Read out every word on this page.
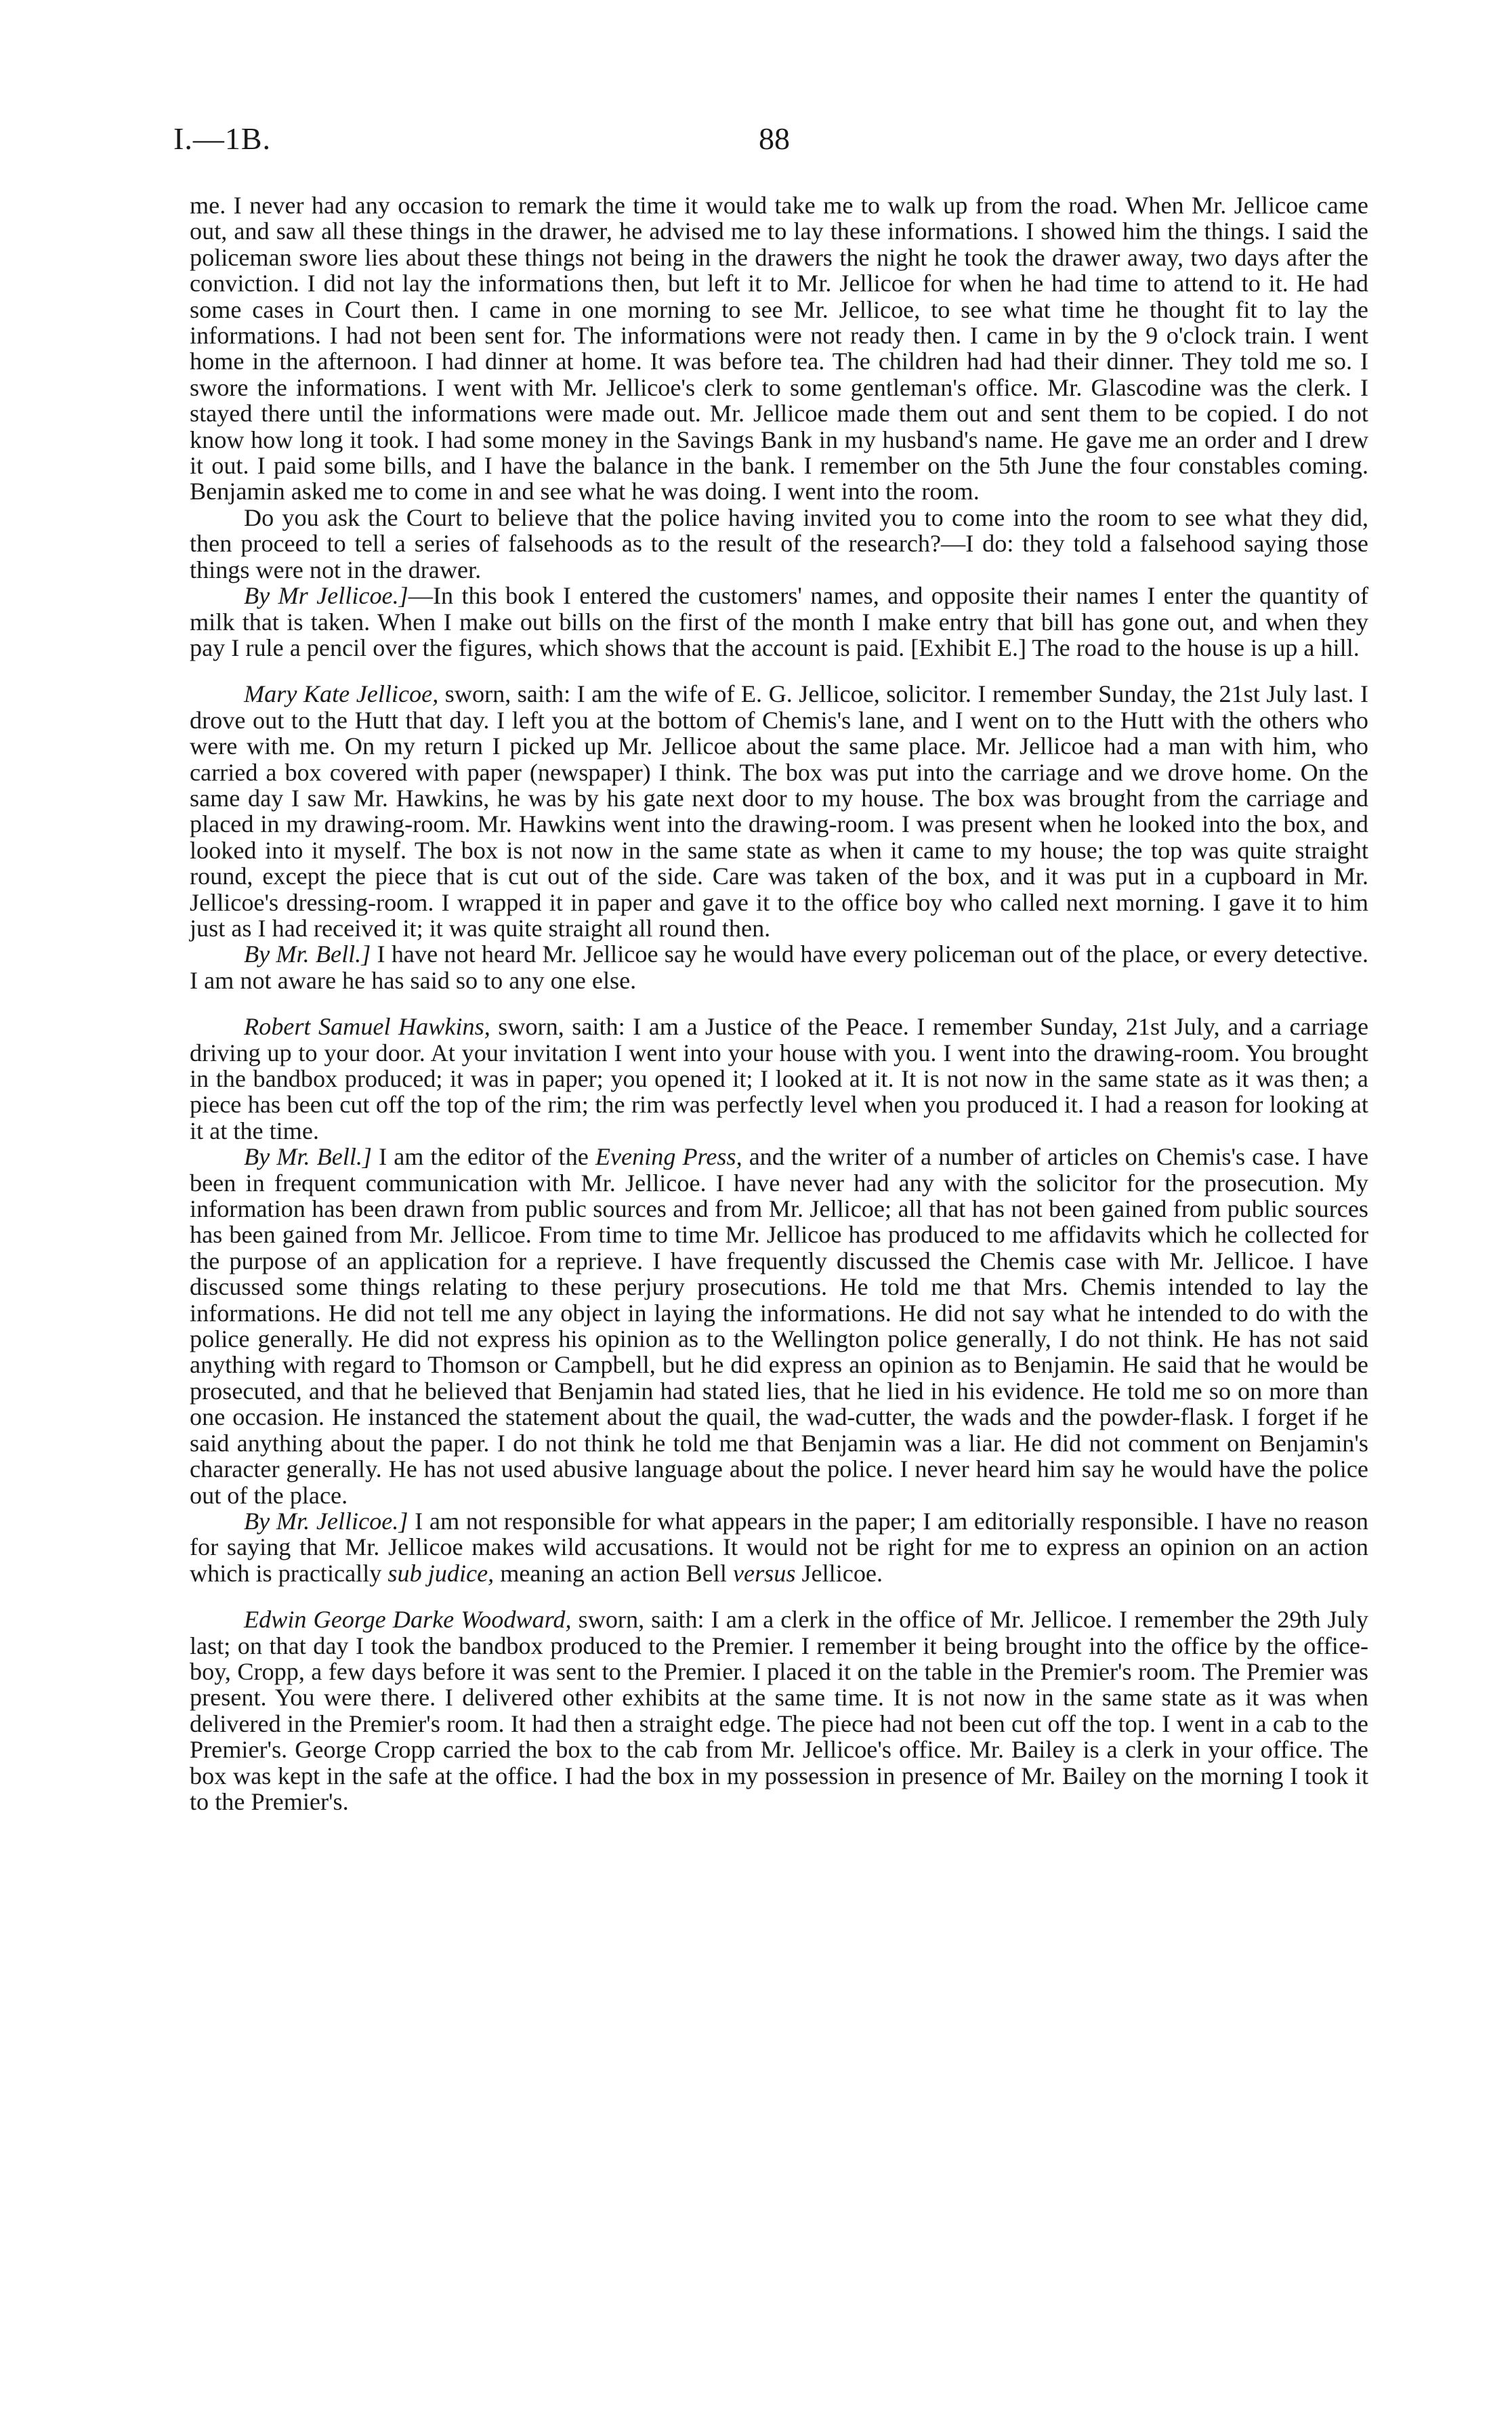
I.—1B.	88

me. I never had any occasion to remark the time it would take me to walk up from the road. When Mr. Jellicoe came out, and saw all these things in the drawer, he advised me to lay these informations. I showed him the things. I said the policeman swore lies about these things not being in the drawers the night he took the drawer away, two days after the conviction. I did not lay the informations then, but left it to Mr. Jellicoe for when he had time to attend to it. He had some cases in Court then. I came in one morning to see Mr. Jellicoe, to see what time he thought fit to lay the informations. I had not been sent for. The informations were not ready then. I came in by the 9 o'clock train. I went home in the afternoon. I had dinner at home. It was before tea. The children had had their dinner. They told me so. I swore the informations. I went with Mr. Jellicoe's clerk to some gentleman's office. Mr. Glascodine was the clerk. I stayed there until the informations were made out. Mr. Jellicoe made them out and sent them to be copied. I do not know how long it took. I had some money in the Savings Bank in my husband's name. He gave me an order and I drew it out. I paid some bills, and I have the balance in the bank. I remember on the 5th June the four constables coming. Benjamin asked me to come in and see what he was doing. I went into the room.

Do you ask the Court to believe that the police having invited you to come into the room to see what they did, then proceed to tell a series of falsehoods as to the result of the research?—I do: they told a falsehood saying those things were not in the drawer.

By Mr Jellicoe.]—In this book I entered the customers' names, and opposite their names I enter the quantity of milk that is taken. When I make out bills on the first of the month I make entry that bill has gone out, and when they pay I rule a pencil over the figures, which shows that the account is paid. [Exhibit E.] The road to the house is up a hill.

Mary Kate Jellicoe, sworn, saith: I am the wife of E. G. Jellicoe, solicitor. I remember Sunday, the 21st July last. I drove out to the Hutt that day. I left you at the bottom of Chemis's lane, and I went on to the Hutt with the others who were with me. On my return I picked up Mr. Jellicoe about the same place. Mr. Jellicoe had a man with him, who carried a box covered with paper (newspaper) I think. The box was put into the carriage and we drove home. On the same day I saw Mr. Hawkins, he was by his gate next door to my house. The box was brought from the carriage and placed in my drawing-room. Mr. Hawkins went into the drawing-room. I was present when he looked into the box, and looked into it myself. The box is not now in the same state as when it came to my house; the top was quite straight round, except the piece that is cut out of the side. Care was taken of the box, and it was put in a cupboard in Mr. Jellicoe's dressing-room. I wrapped it in paper and gave it to the office boy who called next morning. I gave it to him just as I had received it; it was quite straight all round then.

By Mr. Bell.] I have not heard Mr. Jellicoe say he would have every policeman out of the place, or every detective. I am not aware he has said so to any one else.

Robert Samuel Hawkins, sworn, saith: I am a Justice of the Peace. I remember Sunday, 21st July, and a carriage driving up to your door. At your invitation I went into your house with you. I went into the drawing-room. You brought in the bandbox produced; it was in paper; you opened it; I looked at it. It is not now in the same state as it was then; a piece has been cut off the top of the rim; the rim was perfectly level when you produced it. I had a reason for looking at it at the time.

By Mr. Bell.] I am the editor of the Evening Press, and the writer of a number of articles on Chemis's case. I have been in frequent communication with Mr. Jellicoe. I have never had any with the solicitor for the prosecution. My information has been drawn from public sources and from Mr. Jellicoe; all that has not been gained from public sources has been gained from Mr. Jellicoe. From time to time Mr. Jellicoe has produced to me affidavits which he collected for the purpose of an application for a reprieve. I have frequently discussed the Chemis case with Mr. Jellicoe. I have discussed some things relating to these perjury prosecutions. He told me that Mrs. Chemis intended to lay the informations. He did not tell me any object in laying the informations. He did not say what he intended to do with the police generally. He did not express his opinion as to the Wellington police generally, I do not think. He has not said anything with regard to Thomson or Campbell, but he did express an opinion as to Benjamin. He said that he would be prosecuted, and that he believed that Benjamin had stated lies, that he lied in his evidence. He told me so on more than one occasion. He instanced the statement about the quail, the wad-cutter, the wads and the powder-flask. I forget if he said anything about the paper. I do not think he told me that Benjamin was a liar. He did not comment on Benjamin's character generally. He has not used abusive language about the police. I never heard him say he would have the police out of the place.

By Mr. Jellicoe.] I am not responsible for what appears in the paper; I am editorially responsible. I have no reason for saying that Mr. Jellicoe makes wild accusations. It would not be right for me to express an opinion on an action which is practically sub judice, meaning an action Bell versus Jellicoe.

Edwin George Darke Woodward, sworn, saith: I am a clerk in the office of Mr. Jellicoe. I remember the 29th July last; on that day I took the bandbox produced to the Premier. I remember it being brought into the office by the office-boy, Cropp, a few days before it was sent to the Premier. I placed it on the table in the Premier's room. The Premier was present. You were there. I delivered other exhibits at the same time. It is not now in the same state as it was when delivered in the Premier's room. It had then a straight edge. The piece had not been cut off the top. I went in a cab to the Premier's. George Cropp carried the box to the cab from Mr. Jellicoe's office. Mr. Bailey is a clerk in your office. The box was kept in the safe at the office. I had the box in my possession in presence of Mr. Bailey on the morning I took it to the Premier's.
